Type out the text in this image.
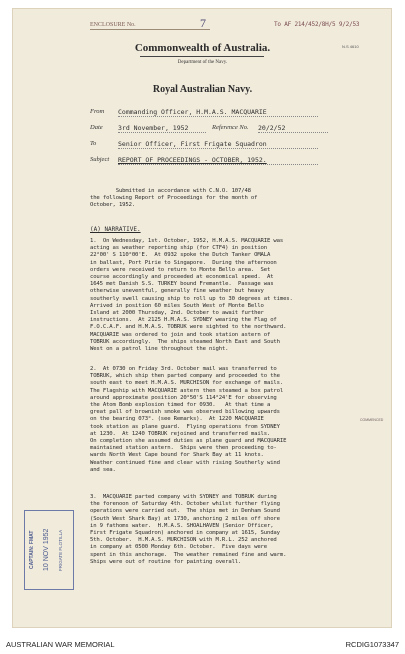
ENCLOSURE No.	7	To AF 214/452/8H/5 9/2/53
N.S 4610
Commonwealth of Australia.
Department of the Navy.
Royal Australian Navy.
From Commanding Officer, H.M.A.S. MACQUARIE
Date 3rd November, 1952	Reference No. 20/2/52
To	Senior Officer, First Frigate Squadron
Subject REPORT OF PROCEEDINGS - OCTOBER, 1952.
Submitted in accordance with C.N.O. 107/48
the following Report of Proceedings for the month of
October, 1952.
(A) NARRATIVE.
1.  On Wednesday, 1st. October, 1952, H.M.A.S. MACQUARIE was
acting as weather reporting ship (for CTF4) in position
22°00' S 110°00'E.  At 0932 spoke the Dutch Tanker OMALA
in ballast, Port Pirie to Singapore.  During the afternoon
orders were received to return to Monte Bello area.  Set
course accordingly and proceeded at economical speed.  At
1645 met Danish S.S. TURKEY bound Fremantle.  Passage was
otherwise uneventful, generally fine weather but heavy
southerly swell causing ship to roll up to 30 degrees at times.
Arrived in position 60 miles South West of Monte Bello
Island at 2000 Thursday, 2nd. October to await further
instructions.  At 2125 H.M.A.S. SYDNEY wearing the Flag of
F.O.C.A.F. and H.M.A.S. TOBRUK were sighted to the northward.
MACQUARIE was ordered to join and took station astern of
TOBRUK accordingly.  The ships steamed North East and South
West on a patrol line throughout the night.
2.  At 0730 on Friday 3rd. October mail was transferred to
TOBRUK, which ship then parted company and proceeded to the
south east to meet H.M.A.S. MURCHISON for exchange of mails.
The Flagship with MACQUARIE astern then steamed a box patrol
around approximate position 20°50'S 114°24'E for observing
the Atom Bomb explosion timed for 0930.   At that time a
great pall of brownish smoke was observed billowing upwards
on the bearing 073°. (see Remarks).  At 1220 MACQUARIE
took station as plane guard.  Flying operations from SYDNEY
at 1230.  At 1240 TOBRUK rejoined and transferred mails.
On completion she assumed duties as plane guard and MACQUARIE
maintained station astern.  Ships were then proceeding to-
wards North West Cape bound for Shark Bay at 11 knots.
Weather continued fine and clear with rising Southerly wind
and sea.
3.  MACQUARIE parted company with SYDNEY and TOBRUK during
the forenoon of Saturday 4th. October whilst further flying
operations were carried out.  The ships met in Denham Sound
(South West Shark Bay) at 1730, anchoring 2 miles off shore
in 9 fathoms water.  H.M.A.S. SHOALHAVEN (Senior Officer,
First Frigate Squadron) anchored in company at 1615, Sunday
5th. October.  H.M.A.S. MURCHISON with M.R.L. 252 anchored
in company at 0500 Monday 6th. October.  Five days were
spent in this anchorage.  The weather remained fine and warm.
Ships were out of routine for painting overall.
COMMENCED
CAPTAIN: FMAT	10 NOV 1952	FRIGATE FLOTILLA
AUSTRALIAN WAR MEMORIAL	RCDIG1073347
